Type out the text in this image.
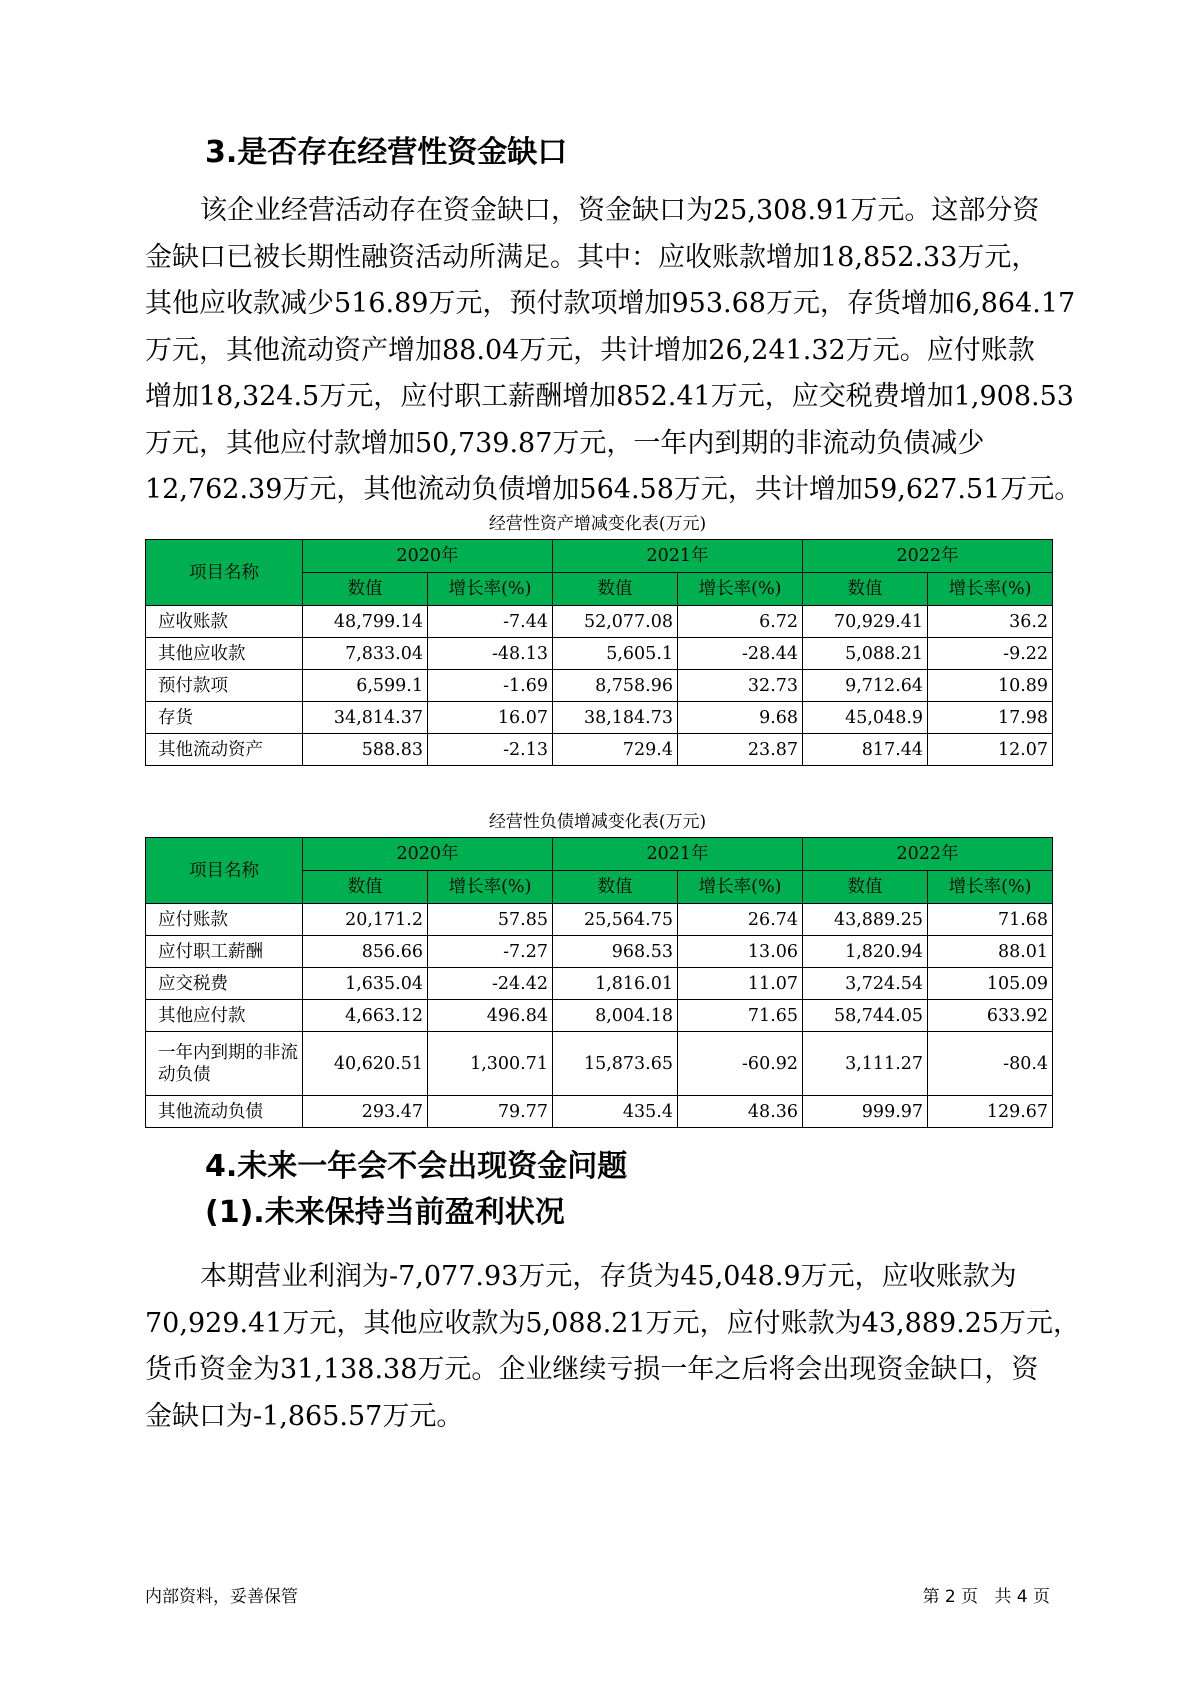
3.是否存在经营性资金缺口
该企业经营活动存在资金缺口，资金缺口为25,308.91万元。这部分资
金缺口已被长期性融资活动所满足。其中：应收账款增加18,852.33万元，
其他应收款减少516.89万元，预付款项增加953.68万元，存货增加6,864.17
万元，其他流动资产增加88.04万元，共计增加26,241.32万元。应付账款
增加18,324.5万元，应付职工薪酬增加852.41万元，应交税费增加1,908.53
万元，其他应付款增加50,739.87万元，一年内到期的非流动负债减少
12,762.39万元，其他流动负债增加564.58万元，共计增加59,627.51万元。
经营性资产增减变化表(万元)
项目名称	2020年		2021年		2022年	
	数值	增长率(%)	数值	增长率(%)	数值	增长率(%)
应收账款	48,799.14	-7.44	52,077.08	6.72	70,929.41	36.2
其他应收款	7,833.04	-48.13	5,605.1	-28.44	5,088.21	-9.22
预付款项	6,599.1	-1.69	8,758.96	32.73	9,712.64	10.89
存货	34,814.37	16.07	38,184.73	9.68	45,048.9	17.98
其他流动资产	588.83	-2.13	729.4	23.87	817.44	12.07
经营性负债增减变化表(万元)
项目名称	2020年		2021年		2022年	
	数值	增长率(%)	数值	增长率(%)	数值	增长率(%)
应付账款	20,171.2	57.85	25,564.75	26.74	43,889.25	71.68
应付职工薪酬	856.66	-7.27	968.53	13.06	1,820.94	88.01
应交税费	1,635.04	-24.42	1,816.01	11.07	3,724.54	105.09
其他应付款	4,663.12	496.84	8,004.18	71.65	58,744.05	633.92

一年内到期的非流
动负债	40,620.51	1,300.71	15,873.65	-60.92	3,111.27	-80.4
其他流动负债	293.47	79.77	435.4	48.36	999.97	129.67
4.未来一年会不会出现资金问题
(1).未来保持当前盈利状况
本期营业利润为-7,077.93万元，存货为45,048.9万元，应收账款为
70,929.41万元，其他应收款为5,088.21万元，应付账款为43,889.25万元，
货币资金为31,138.38万元。企业继续亏损一年之后将会出现资金缺口，资
金缺口为-1,865.57万元。
内部资料，妥善保管	第 2 页   共 4 页
